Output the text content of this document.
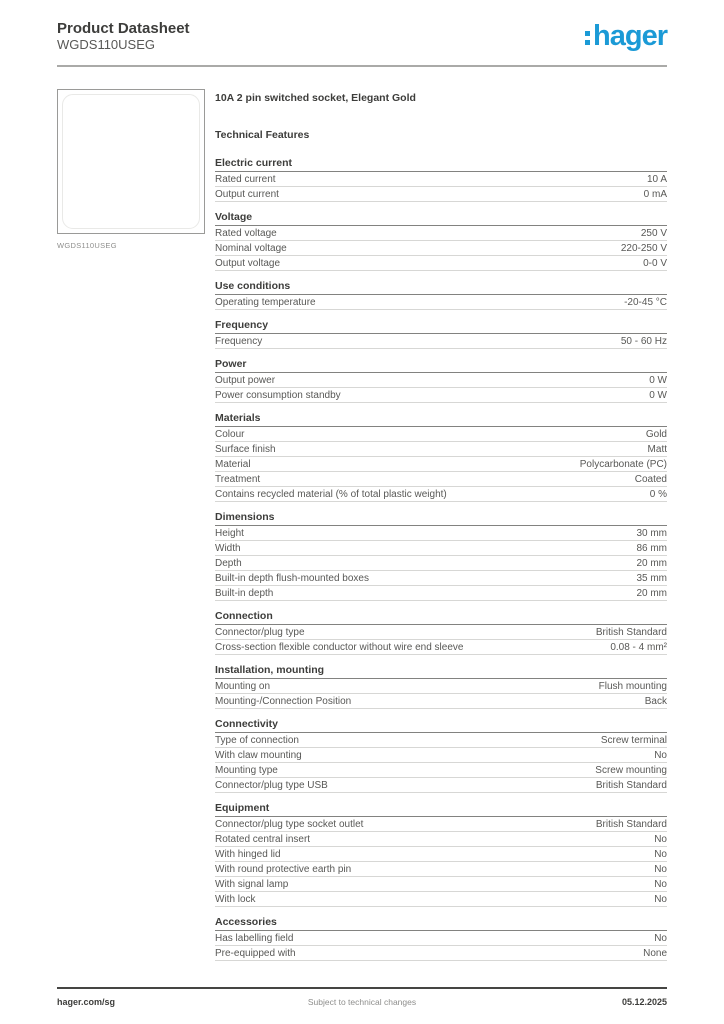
Product Datasheet
WGDS110USEG	hager
WGDS110USEG
10A 2 pin switched socket, Elegant Gold
Technical Features
Electric current
Rated current	10 A
Output current	0 mA
Voltage
Rated voltage	250 V
Nominal voltage	220-250 V
Output voltage	0-0 V
Use conditions
Operating temperature	-20-45 °C
Frequency
Frequency	50 - 60 Hz
Power
Output power	0 W
Power consumption standby	0 W
Materials
Colour	Gold
Surface finish	Matt
Material	Polycarbonate (PC)
Treatment	Coated
Contains recycled material (% of total plastic weight)	0 %
Dimensions
Height	30 mm
Width	86 mm
Depth	20 mm
Built-in depth flush-mounted boxes	35 mm
Built-in depth	20 mm
Connection
Connector/plug type	British Standard
Cross-section flexible conductor without wire end sleeve	0.08 - 4 mm²
Installation, mounting
Mounting on	Flush mounting
Mounting-/Connection Position	Back
Connectivity
Type of connection	Screw terminal
With claw mounting	No
Mounting type	Screw mounting
Connector/plug type USB	British Standard
Equipment
Connector/plug type socket outlet	British Standard
Rotated central insert	No
With hinged lid	No
With round protective earth pin	No
With signal lamp	No
With lock	No
Accessories
Has labelling field	No
Pre-equipped with	None
hager.com/sg	Subject to technical changes	05.12.2025
